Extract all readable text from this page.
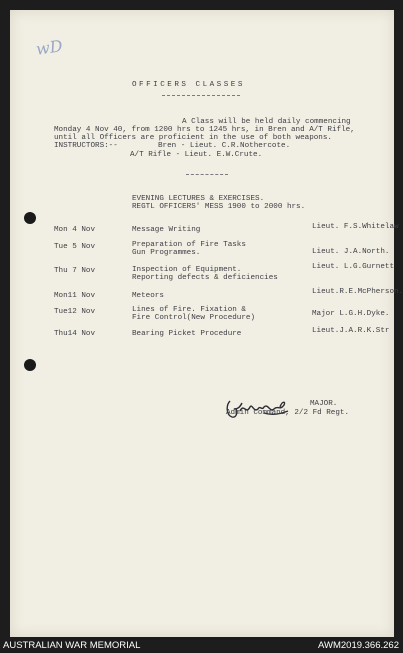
wD
OFFICERS CLASSES
A Class will be held daily commencing
Monday 4 Nov 40, from 1200 hrs to 1245 hrs, in Bren and A/T Rifle,
until all Officers are proficient in the use of both weapons.
INSTRUCTORS:--	Bren - Lieut. C.R.Nothercote.
A/T Rifle - Lieut. E.W.Crute.
EVENING LECTURES & EXERCISES.
REGTL OFFICERS' MESS 1900 to 2000 hrs.
Mon 4 Nov	Message Writing	Lieut. F.S.Whitelaw
Tue 5 Nov	Preparation of Fire Tasks
Gun Programmes.	Lieut. J.A.North.
Thu 7 Nov	Inspection of Equipment.
Reporting defects & deficiencies
Lieut. L.G.Gurnett
Mon11 Nov	Meteors	Lieut.R.E.McPherson.
Tue12 Nov	Lines of Fire. Fixation &
Fire Control(New Procedure)	Major L.G.H.Dyke.
Thu14 Nov	Bearing Picket Procedure	Lieut.J.A.R.K.Str
MAJOR.
Admin Command, 2/2 Fd Regt.
AUSTRALIAN WAR MEMORIAL	AWM2019.366.262
